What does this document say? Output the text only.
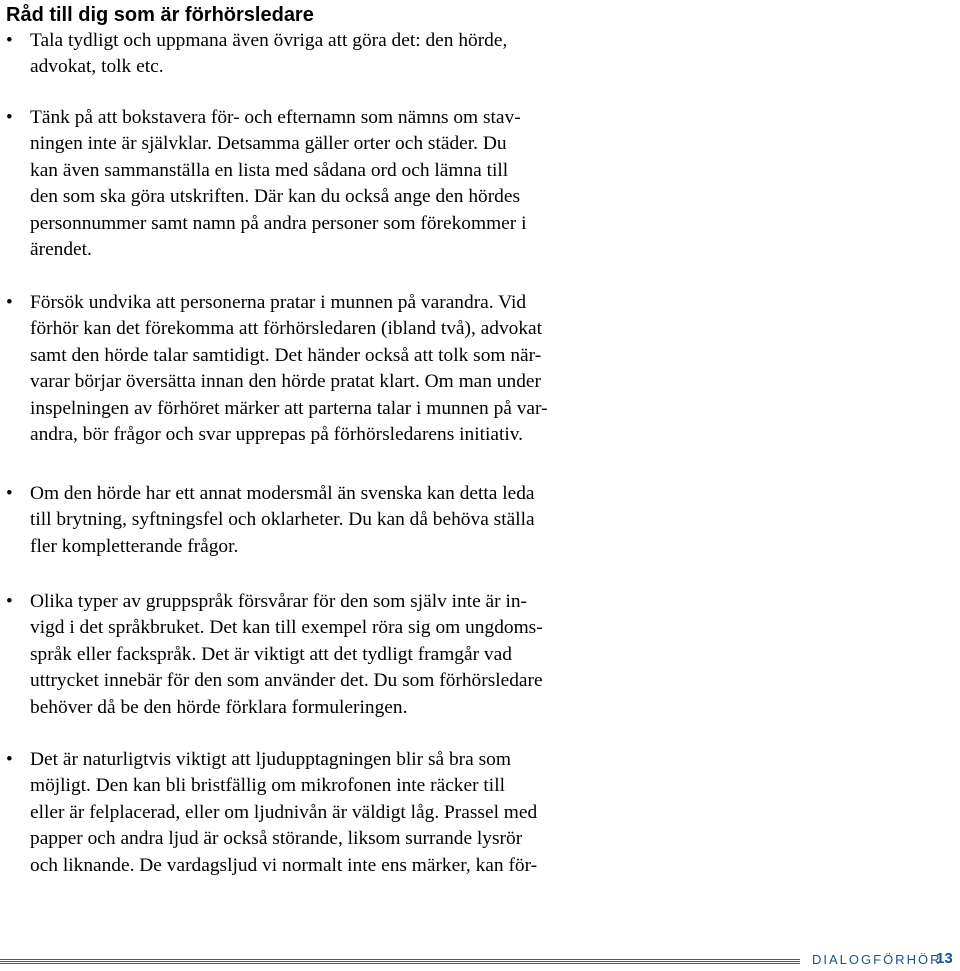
Råd till dig som är förhörsledare
• Tala tydligt och uppmana även övriga att göra det: den hörde,
advokat, tolk etc.
• Tänk på att bokstavera för- och efternamn som nämns om stav-
ningen inte är självklar. Detsamma gäller orter och städer. Du
kan även sammanställa en lista med sådana ord och lämna till
den som ska göra utskriften. Där kan du också ange den hördes
personnummer samt namn på andra personer som förekommer i
ärendet.
• Försök undvika att personerna pratar i munnen på varandra. Vid
förhör kan det förekomma att förhörsledaren (ibland två), advokat
samt den hörde talar samtidigt. Det händer också att tolk som när-
varar börjar översätta innan den hörde pratat klart. Om man under
inspelningen av förhöret märker att parterna talar i munnen på var-
andra, bör frågor och svar upprepas på förhörsledarens initiativ.
• Om den hörde har ett annat modersmål än svenska kan detta leda
till brytning, syftningsfel och oklarheter. Du kan då behöva ställa
fler kompletterande frågor.
• Olika typer av gruppspråk försvårar för den som själv inte är in-
vigd i det språkbruket. Det kan till exempel röra sig om ungdoms-
språk eller fackspråk. Det är viktigt att det tydligt framgår vad
uttrycket innebär för den som använder det. Du som förhörsledare
behöver då be den hörde förklara formuleringen.
• Det är naturligtvis viktigt att ljudupptagningen blir så bra som
möjligt. Den kan bli bristfällig om mikrofonen inte räcker till
eller är felplacerad, eller om ljudnivån är väldigt låg. Prassel med
papper och andra ljud är också störande, liksom surrande lysrör
och liknande. De vardagsljud vi normalt inte ens märker, kan för-
DIALOGFÖRHÖR
13
